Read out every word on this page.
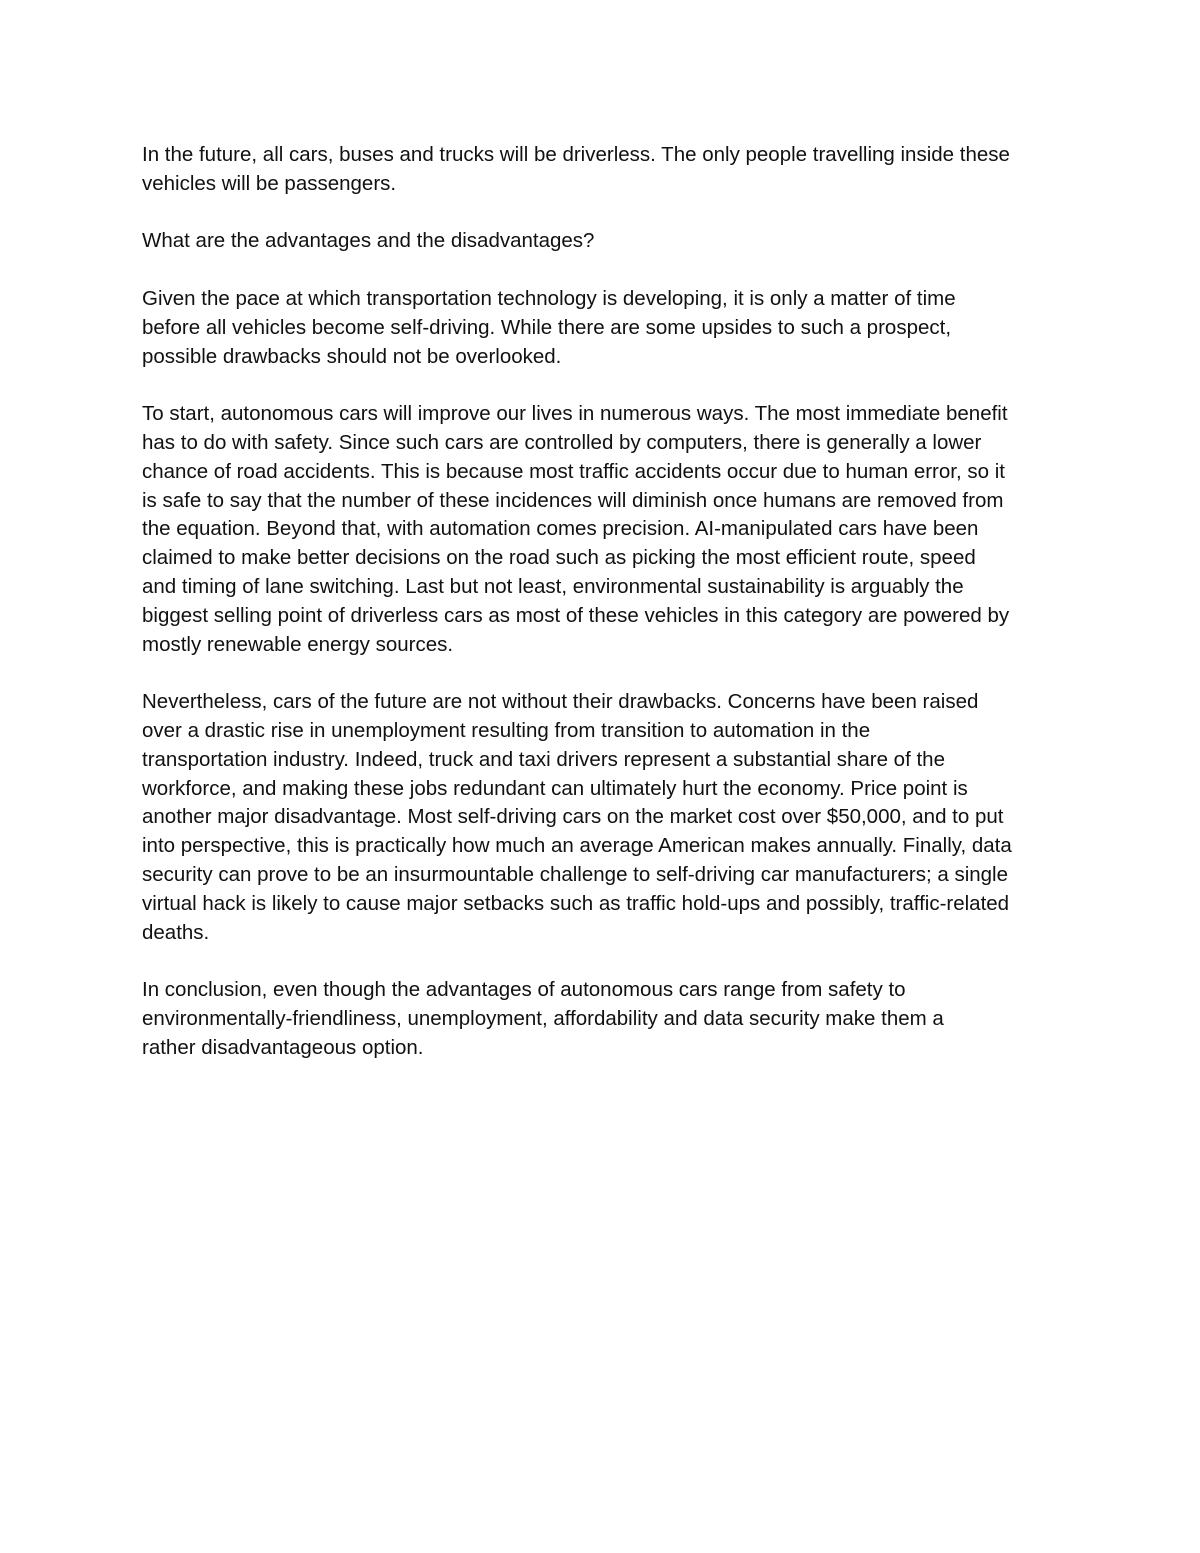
In the future, all cars, buses and trucks will be driverless. The only people travelling inside these
vehicles will be passengers.

What are the advantages and the disadvantages?

Given the pace at which transportation technology is developing, it is only a matter of time
before all vehicles become self-driving. While there are some upsides to such a prospect,
possible drawbacks should not be overlooked.

To start, autonomous cars will improve our lives in numerous ways. The most immediate benefit
has to do with safety. Since such cars are controlled by computers, there is generally a lower
chance of road accidents. This is because most traffic accidents occur due to human error, so it
is safe to say that the number of these incidences will diminish once humans are removed from
the equation. Beyond that, with automation comes precision. AI-manipulated cars have been
claimed to make better decisions on the road such as picking the most efficient route, speed
and timing of lane switching. Last but not least, environmental sustainability is arguably the
biggest selling point of driverless cars as most of these vehicles in this category are powered by
mostly renewable energy sources.

Nevertheless, cars of the future are not without their drawbacks. Concerns have been raised
over a drastic rise in unemployment resulting from transition to automation in the
transportation industry. Indeed, truck and taxi drivers represent a substantial share of the
workforce, and making these jobs redundant can ultimately hurt the economy. Price point is
another major disadvantage. Most self-driving cars on the market cost over $50,000, and to put
into perspective, this is practically how much an average American makes annually. Finally, data
security can prove to be an insurmountable challenge to self-driving car manufacturers; a single
virtual hack is likely to cause major setbacks such as traffic hold-ups and possibly, traffic-related
deaths.

In conclusion, even though the advantages of autonomous cars range from safety to
environmentally-friendliness, unemployment, affordability and data security make them a
rather disadvantageous option.
